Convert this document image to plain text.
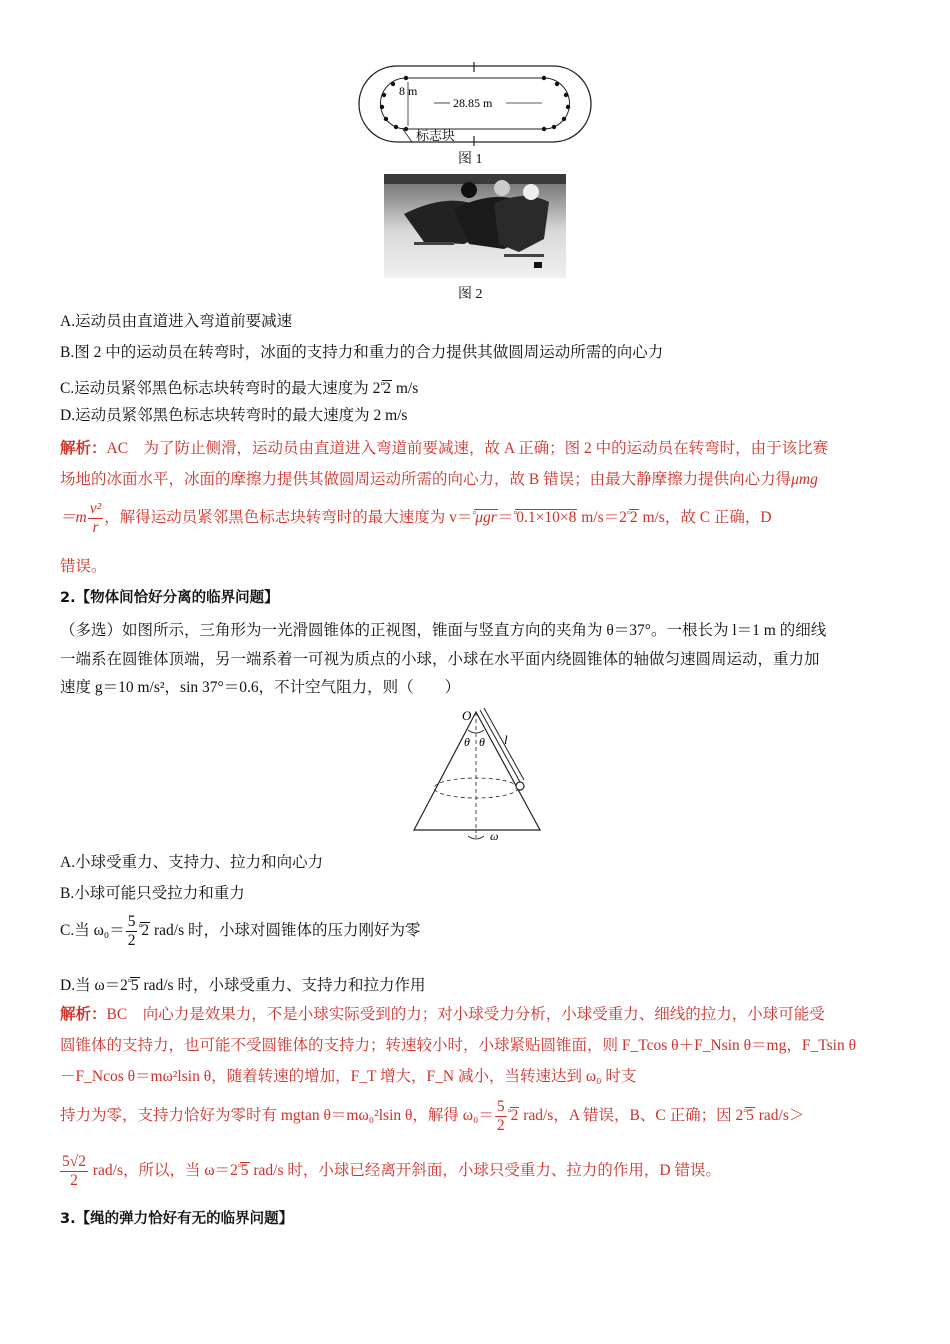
8 m
28.85 m
标志块
图 1
图 2
A.运动员由直道进入弯道前要减速
B.图 2 中的运动员在转弯时，冰面的支持力和重力的合力提供其做圆周运动所需的向心力
C.运动员紧邻黑色标志块转弯时的最大速度为 2▫2 m/s
D.运动员紧邻黑色标志块转弯时的最大速度为 2 m/s
解析：AC　为了防止侧滑，运动员由直道进入弯道前要减速，故 A 正确；图 2 中的运动员在转弯时，由于该比赛
场地的冰面水平，冰面的摩擦力提供其做圆周运动所需的向心力，故 B 错误；由最大静摩擦力提供向心力得μmg
$=m \frac{\text{v²}}{r}$ ，解得运动员紧邻黑色标志块转弯时的最大速度为 v＝▫μgr＝▫0.1×10×8 m/s＝2▫2 m/s，故 C 正确，D
错误。
2.【物体间恰好分离的临界问题】
（多选）如图所示，三角形为一光滑圆锥体的正视图，锥面与竖直方向的夹角为 θ＝37°。一根长为 l＝1 m 的细线
一端系在圆锥体顶端，另一端系着一可视为质点的小球，小球在水平面内绕圆锥体的轴做匀速圆周运动，重力加
速度 g＝10 m/s²，sin 37°＝0.6，不计空气阻力，则（　　）
O
θ θ l
ω
A.小球受重力、支持力、拉力和向心力
B.小球可能只受拉力和重力
C.当 $\omega_0= \frac{5}{2} ^▫2$ rad/s 时，小球对圆锥体的压力刚好为零
D.当 ω＝2▫5 rad/s 时，小球受重力、支持力和拉力作用
解析：BC　向心力是效果力，不是小球实际受到的力；对小球受力分析，小球受重力、细线的拉力，小球可能受
圆锥体的支持力，也可能不受圆锥体的支持力；转速较小时，小球紧贴圆锥面，则 F_Tcos θ＋F_Nsin θ＝mg，F_Tsin θ
－F_Ncos θ＝mω²lsin θ，随着转速的增加，F_T 增大，F_N 减小，当转速达到 ω₀ 时支
持力为零，支持力恰好为零时有 mgtan θ＝mω₀²lsin θ，解得 $\omega_0= \frac{5}{2} ^▫2$ rad/s，A 错误，B、C 正确；因 2▫5 rad/s＞
$\frac{5√2}{2} rad/s$，所以，当 ω＝2▫5 rad/s 时，小球已经离开斜面，小球只受重力、拉力的作用，D 错误。
3.【绳的弹力恰好有无的临界问题】
